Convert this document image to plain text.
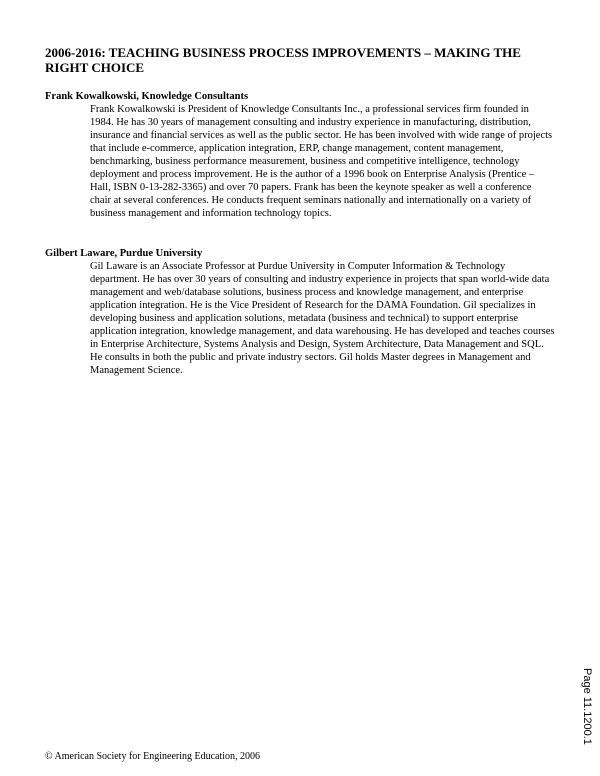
2006-2016: TEACHING BUSINESS PROCESS IMPROVEMENTS – MAKING THE RIGHT CHOICE

Frank Kowalkowski, Knowledge Consultants

Frank Kowalkowski is President of Knowledge Consultants Inc., a professional services firm founded in 1984. He has 30 years of management consulting and industry experience in manufacturing, distribution, insurance and financial services as well as the public sector. He has been involved with wide range of projects that include e-commerce, application integration, ERP, change management, content management, benchmarking, business performance measurement, business and competitive intelligence, technology deployment and process improvement. He is the author of a 1996 book on Enterprise Analysis (Prentice – Hall, ISBN 0-13-282-3365) and over 70 papers. Frank has been the keynote speaker as well a conference chair at several conferences. He conducts frequent seminars nationally and internationally on a variety of business management and information technology topics.

Gilbert Laware, Purdue University

Gil Laware is an Associate Professor at Purdue University in Computer Information & Technology department. He has over 30 years of consulting and industry experience in projects that span world-wide data management and web/database solutions, business process and knowledge management, and enterprise application integration. He is the Vice President of Research for the DAMA Foundation. Gil specializes in developing business and application solutions, metadata (business and technical) to support enterprise application integration, knowledge management, and data warehousing. He has developed and teaches courses in Enterprise Architecture, Systems Analysis and Design, System Architecture, Data Management and SQL. He consults in both the public and private industry sectors. Gil holds Master degrees in Management and Management Science.

Page 11.1200.1

© American Society for Engineering Education, 2006
